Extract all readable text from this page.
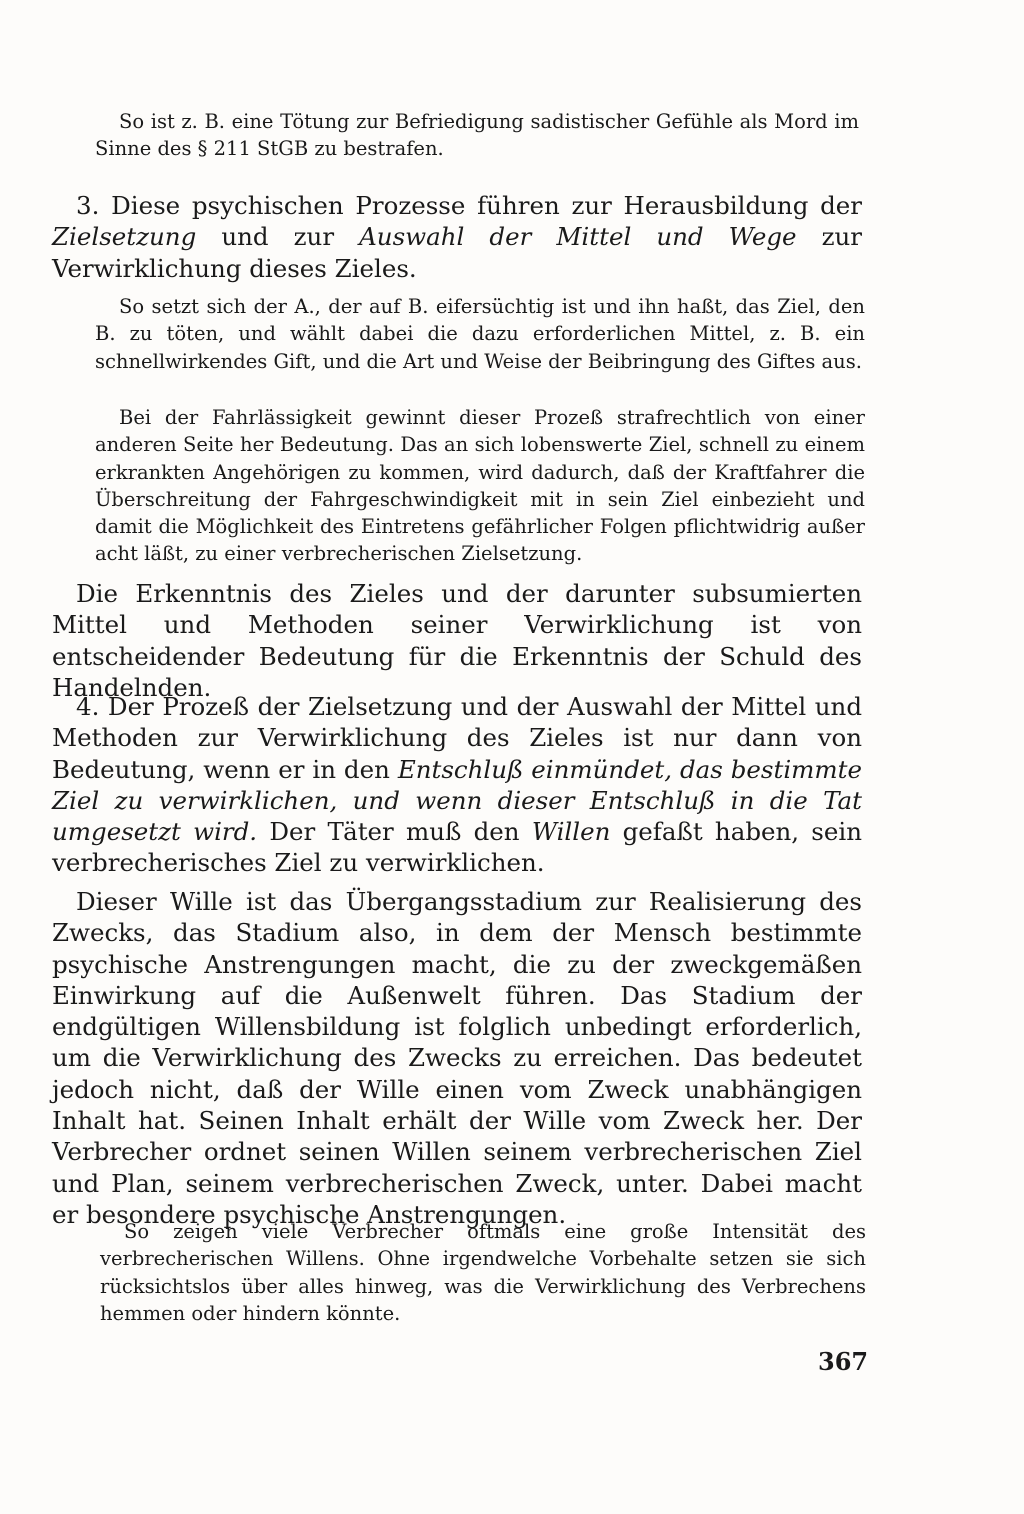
So ist z. B. eine Tötung zur Befriedigung sadistischer Gefühle als Mord im Sinne des § 211 StGB zu bestrafen.

3. Diese psychischen Prozesse führen zur Herausbildung der Zielsetzung und zur Auswahl der Mittel und Wege zur Verwirklichung dieses Zieles.

So setzt sich der A., der auf B. eifersüchtig ist und ihn haßt, das Ziel, den B. zu töten, und wählt dabei die dazu erforderlichen Mittel, z. B. ein schnellwirkendes Gift, und die Art und Weise der Beibringung des Giftes aus.

Bei der Fahrlässigkeit gewinnt dieser Prozeß strafrechtlich von einer anderen Seite her Bedeutung. Das an sich lobenswerte Ziel, schnell zu einem erkrankten Angehörigen zu kommen, wird dadurch, daß der Kraftfahrer die Überschreitung der Fahrgeschwindigkeit mit in sein Ziel einbezieht und damit die Möglichkeit des Eintretens gefährlicher Folgen pflichtwidrig außer acht läßt, zu einer verbrecherischen Zielsetzung.

Die Erkenntnis des Zieles und der darunter subsumierten Mittel und Methoden seiner Verwirklichung ist von entscheidender Bedeutung für die Erkenntnis der Schuld des Handelnden.

4. Der Prozeß der Zielsetzung und der Auswahl der Mittel und Methoden zur Verwirklichung des Zieles ist nur dann von Bedeutung, wenn er in den Entschluß einmündet, das bestimmte Ziel zu verwirklichen, und wenn dieser Entschluß in die Tat umgesetzt wird. Der Täter muß den Willen gefaßt haben, sein verbrecherisches Ziel zu verwirklichen.

Dieser Wille ist das Übergangsstadium zur Realisierung des Zwecks, das Stadium also, in dem der Mensch bestimmte psychische Anstrengungen macht, die zu der zweckgemäßen Einwirkung auf die Außenwelt führen. Das Stadium der endgültigen Willensbildung ist folglich unbedingt erforderlich, um die Verwirklichung des Zwecks zu erreichen. Das bedeutet jedoch nicht, daß der Wille einen vom Zweck unabhängigen Inhalt hat. Seinen Inhalt erhält der Wille vom Zweck her. Der Verbrecher ordnet seinen Willen seinem verbrecherischen Ziel und Plan, seinem verbrecherischen Zweck, unter. Dabei macht er besondere psychische Anstrengungen.

So zeigen viele Verbrecher oftmals eine große Intensität des verbrecherischen Willens. Ohne irgendwelche Vorbehalte setzen sie sich rücksichtslos über alles hinweg, was die Verwirklichung des Verbrechens hemmen oder hindern könnte.

367
